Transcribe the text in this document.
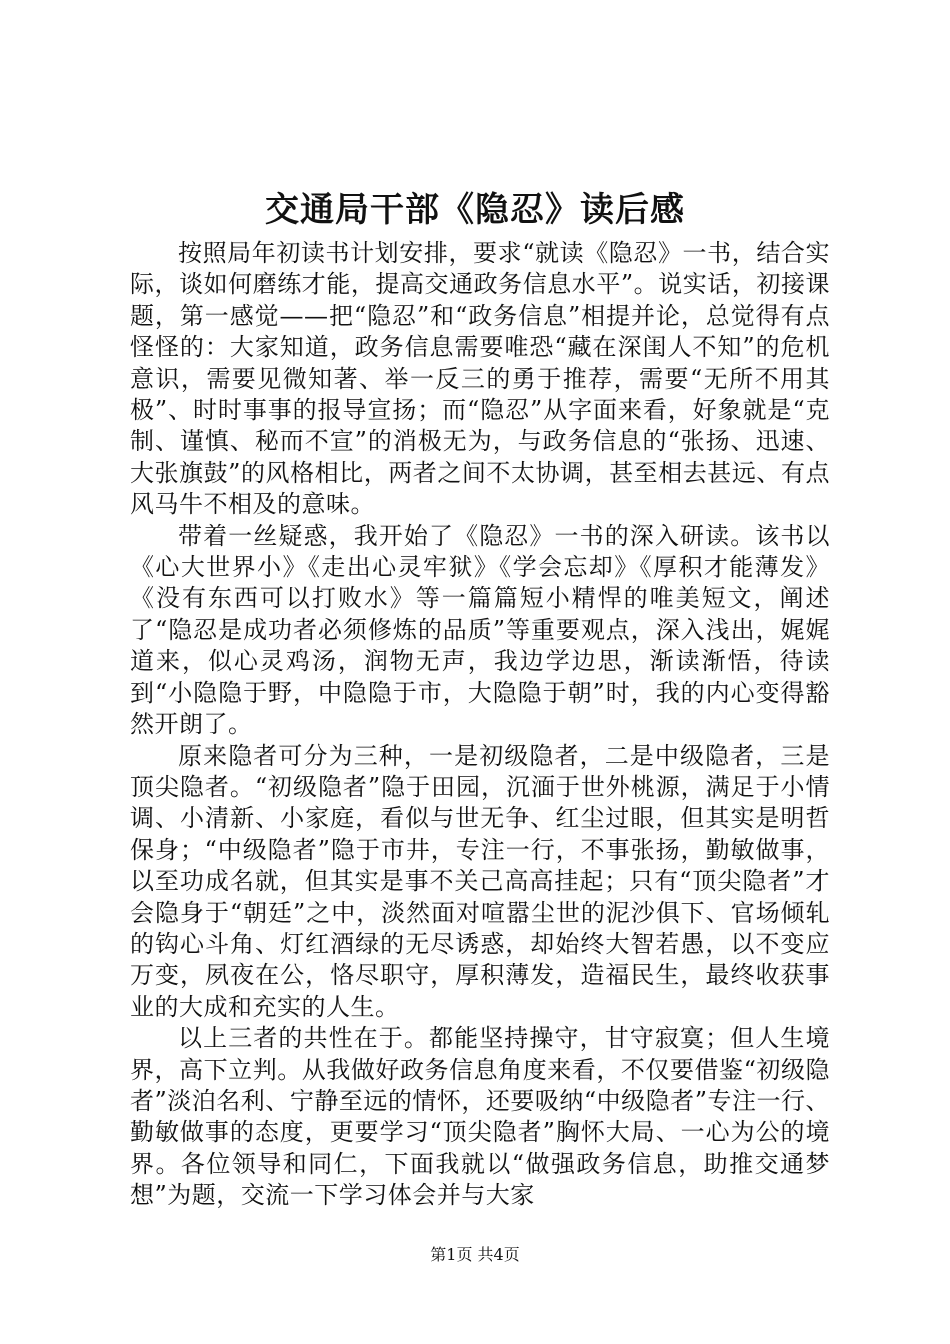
交通局干部《隐忍》读后感

按照局年初读书计划安排，要求“就读《隐忍》一书，结合实际，谈如何磨练才能，提高交通政务信息水平”。说实话，初接课题，第一感觉——把“隐忍”和“政务信息”相提并论，总觉得有点怪怪的：大家知道，政务信息需要唯恐“藏在深闺人不知”的危机意识，需要见微知著、举一反三的勇于推荐，需要“无所不用其极”、时时事事的报导宣扬；而“隐忍”从字面来看，好象就是“克制、谨慎、秘而不宣”的消极无为，与政务信息的“张扬、迅速、大张旗鼓”的风格相比，两者之间不太协调，甚至相去甚远、有点风马牛不相及的意味。

带着一丝疑惑，我开始了《隐忍》一书的深入研读。该书以《心大世界小》《走出心灵牢狱》《学会忘却》《厚积才能薄发》《没有东西可以打败水》等一篇篇短小精悍的唯美短文，阐述了“隐忍是成功者必须修炼的品质”等重要观点，深入浅出，娓娓道来，似心灵鸡汤，润物无声，我边学边思，渐读渐悟，待读到“小隐隐于野，中隐隐于市，大隐隐于朝”时，我的内心变得豁然开朗了。

原来隐者可分为三种，一是初级隐者，二是中级隐者，三是顶尖隐者。“初级隐者”隐于田园，沉湎于世外桃源，满足于小情调、小清新、小家庭，看似与世无争、红尘过眼，但其实是明哲保身；“中级隐者”隐于市井，专注一行，不事张扬，勤敏做事，以至功成名就，但其实是事不关己高高挂起；只有“顶尖隐者”才会隐身于“朝廷”之中，淡然面对喧嚣尘世的泥沙俱下、官场倾轧的钩心斗角、灯红酒绿的无尽诱惑，却始终大智若愚，以不变应万变，夙夜在公，恪尽职守，厚积薄发，造福民生，最终收获事业的大成和充实的人生。

以上三者的共性在于。都能坚持操守，甘守寂寞；但人生境界，高下立判。从我做好政务信息角度来看，不仅要借鉴“初级隐者”淡泊名利、宁静至远的情怀，还要吸纳“中级隐者”专注一行、勤敏做事的态度，更要学习“顶尖隐者”胸怀大局、一心为公的境界。各位领导和同仁，下面我就以“做强政务信息，助推交通梦想”为题，交流一下学习体会并与大家

第1页 共4页
